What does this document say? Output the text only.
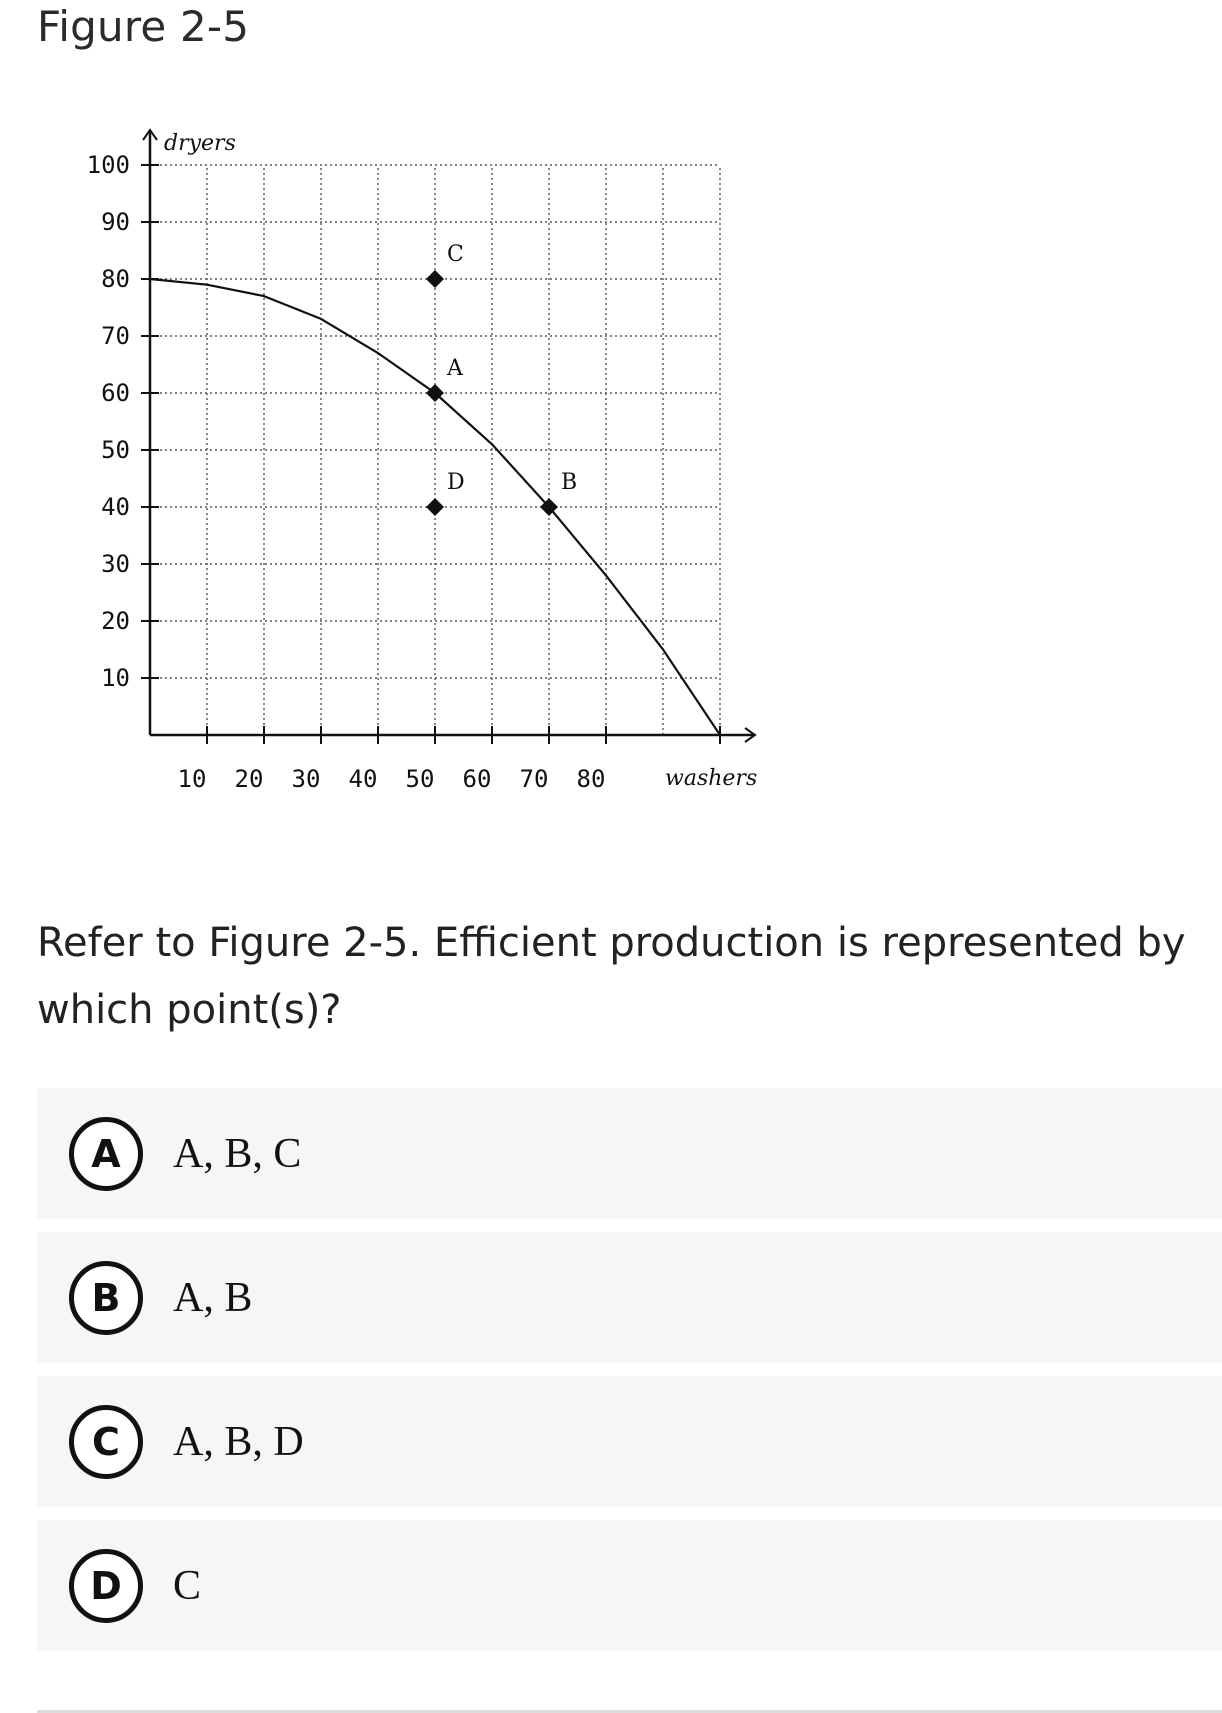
Figure 2-5
10
20
30
40
50
60
70
80
90
100
10 20 30 40 50 60 70 80
dryers
washers
C
A
D	B
Refer to Figure 2-5. Efficient production is represented by which point(s)?
A	A, B, C
B	A, B
C	A, B, D
D	C
